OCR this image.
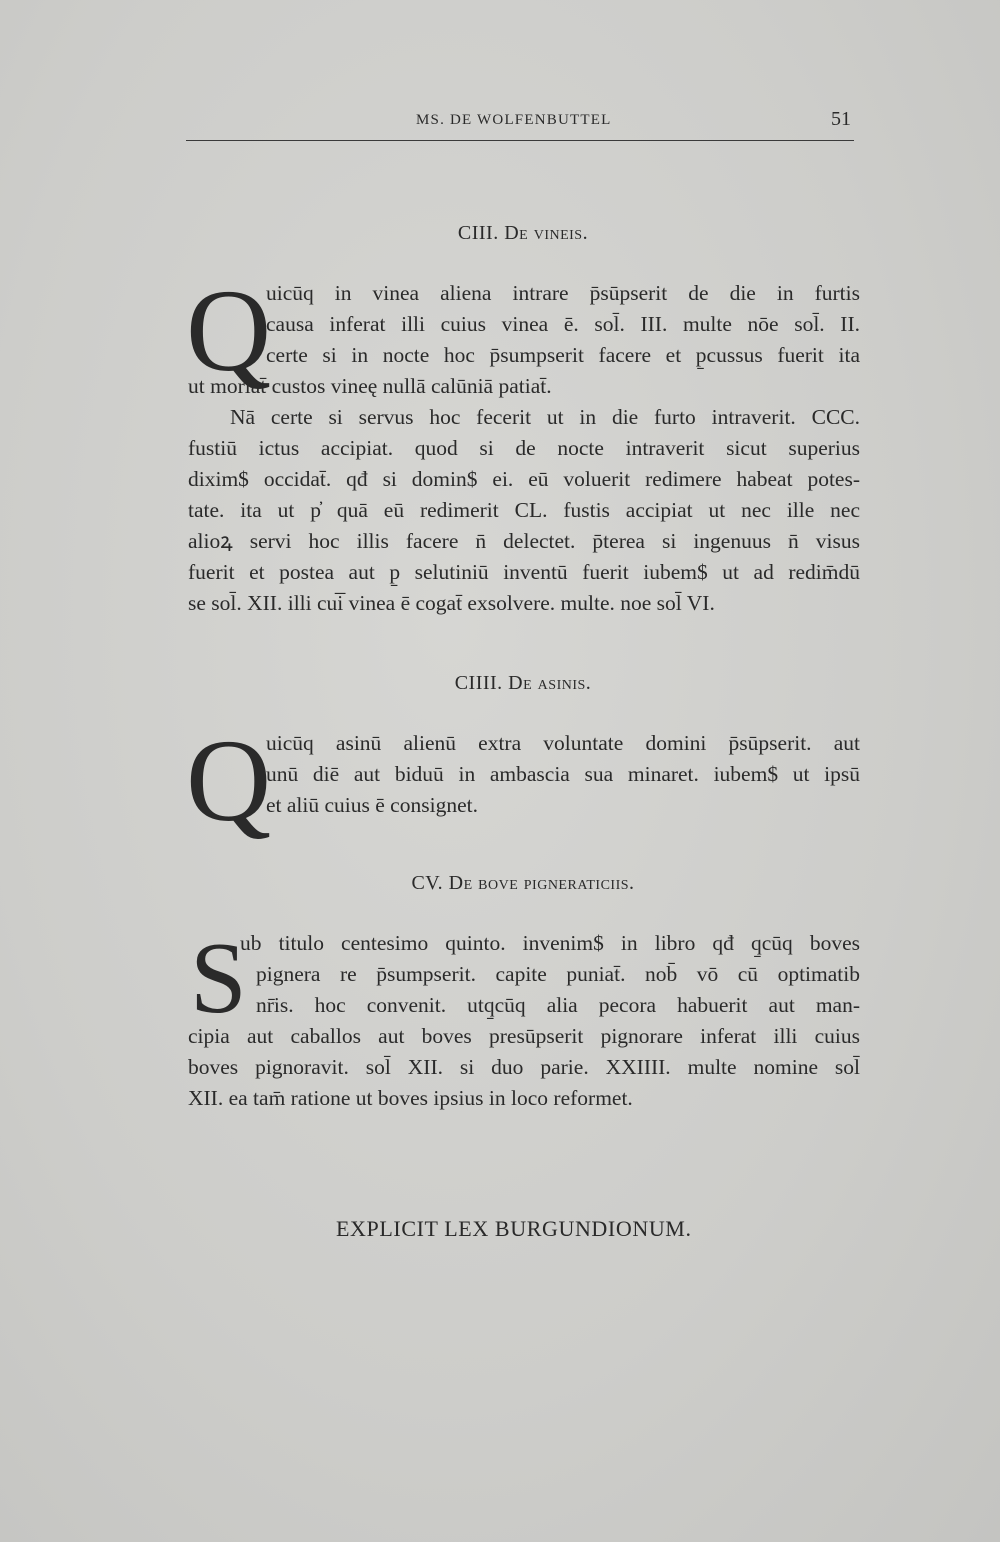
MS. DE WOLFENBUTTEL	51
CIII. De vineis.
Q
uicūq in vinea aliena intrare p̄sūpserit de die in furtis
causa inferat illi cuius vinea ē. sol̄. III. multe nōe sol̄. II.
certe si in nocte hoc p̄sumpserit facere et p̱cussus fuerit ita
ut moriat̄ custos vineę nullā calūniā patiat̄.
Nā certe si servus hoc fecerit ut in die furto intraverit. CCC.
fustiū ictus accipiat. quod si de nocte intraverit sicut superius
dixim$ occidat̄. qđ si domin$ ei. eū voluerit redimere habeat potes-
tate. ita ut p̓ quā eū redimerit CL. fustis accipiat ut nec ille nec
alioꝝ servi hoc illis facere n̄ delectet. p̄terea si ingenuus n̄ visus
fuerit et postea aut p̱ selutiniū inventū fuerit iubem$ ut ad redim̄dū
se sol̄. XII. illi cui̅ vinea ē cogat̄ exsolvere. multe. noe sol̄ VI.
CIIII. De asinis.
Q
uicūq asinū alienū extra voluntate domini p̄sūpserit. aut
unū diē aut biduū in ambascia sua minaret. iubem$ ut ipsū
et aliū cuius ē consignet.
CV. De bove pigneraticiis.
S
ub titulo centesimo quinto. invenim$ in libro qđ q̱cūq boves
pignera re p̄sumpserit. capite puniat̄. nob̄ vō cū optimatib
nr̄is. hoc convenit. utq̱cūq alia pecora habuerit aut man-
cipia aut caballos aut boves presūpserit pignorare inferat illi cuius
boves pignoravit. sol̄ XII. si duo parie. XXIIII. multe nomine sol̄
XII. ea tam̄ ratione ut boves ipsius in loco reformet.
EXPLICIT LEX BURGUNDIONUM.
